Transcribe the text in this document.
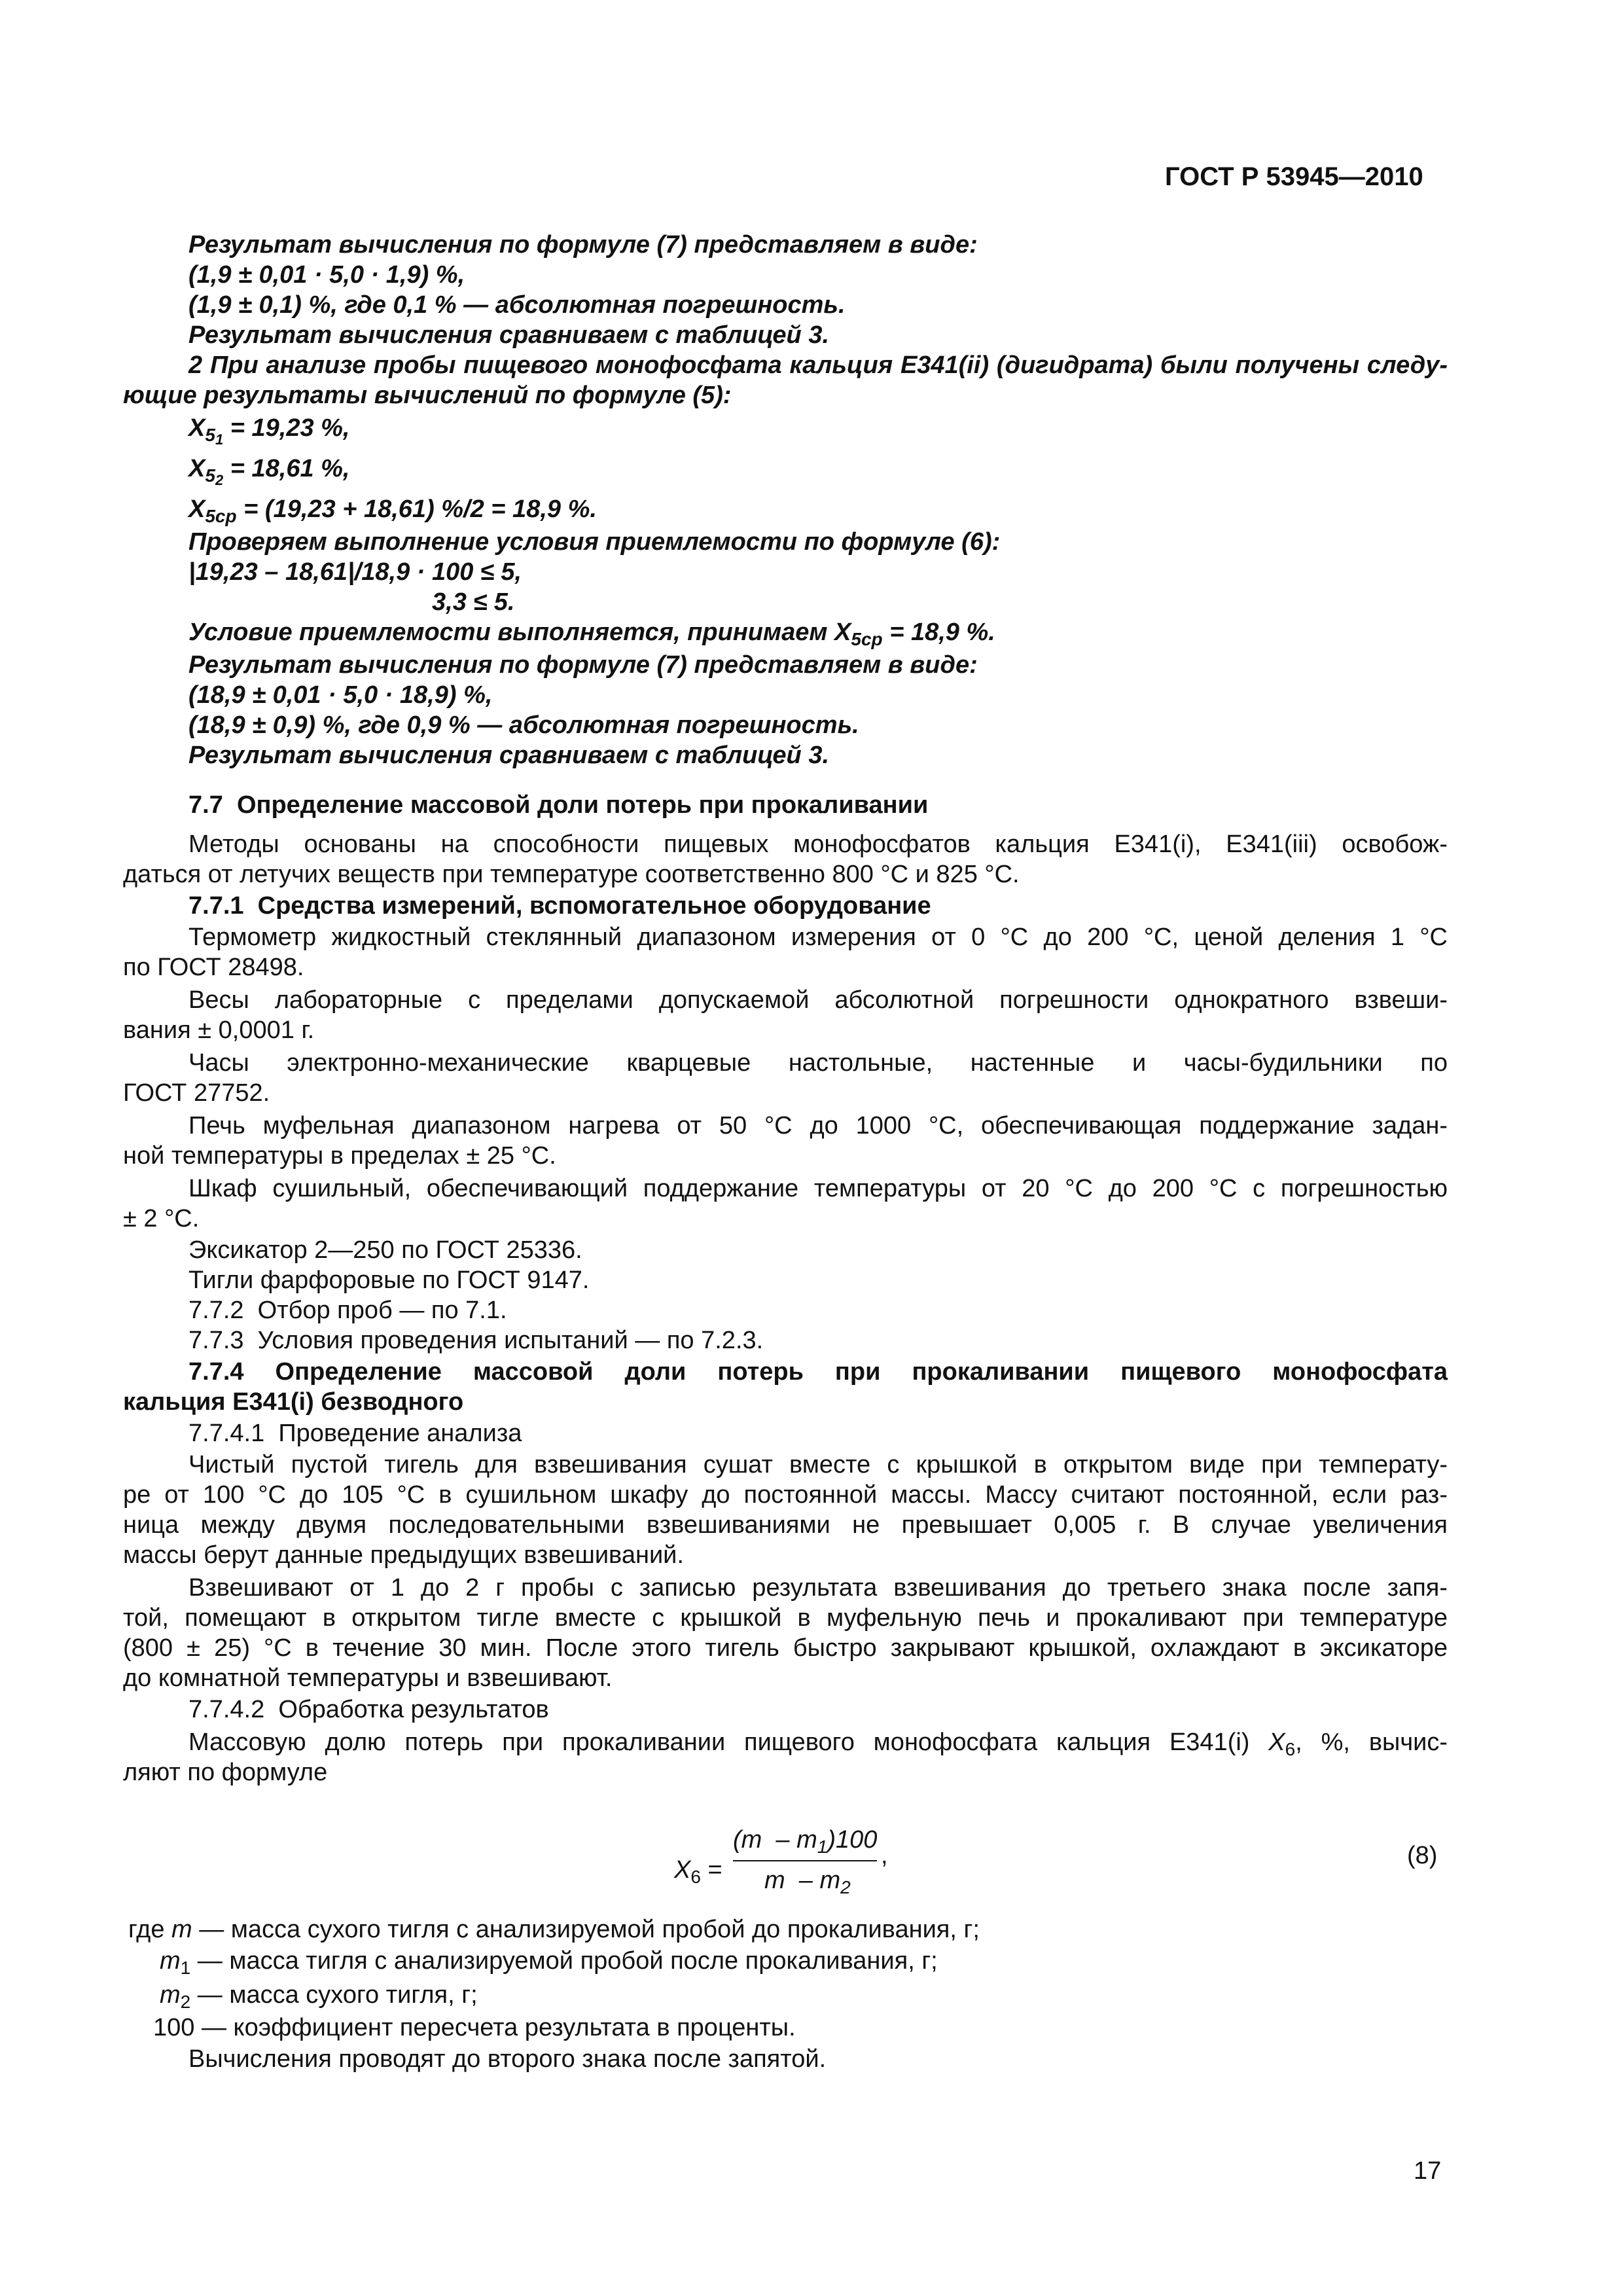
ГОСТ Р 53945—2010
Результат вычисления по формуле (7) представляем в виде:
(1,9 ± 0,01 · 5,0 · 1,9) %,
(1,9 ± 0,1) %, где 0,1 % — абсолютная погрешность.
Результат вычисления сравниваем с таблицей 3.
2 При анализе пробы пищевого монофосфата кальция Е341(ii) (дигидрата) были получены следу-
ющие результаты вычислений по формуле (5):
$X_{5_1} = 19,23$ %,
$X_{5_2} = 18,61$ %,
$X_{5ср} = (19,23 + 18,61) \%/2 = 18,9$ %.
Проверяем выполнение условия приемлемости по формуле (6):
|19,23 – 18,61|/18,9 · 100 ≤ 5,
3,3 ≤ 5.
Условие приемлемости выполняется, принимаем $X_{5ср} = 18,9$ %.
Результат вычисления по формуле (7) представляем в виде:
(18,9 ± 0,01 · 5,0 · 18,9) %,
(18,9 ± 0,9) %, где 0,9 % — абсолютная погрешность.
Результат вычисления сравниваем с таблицей 3.
7.7  Определение массовой доли потерь при прокаливании
Методы основаны на способности пищевых монофосфатов кальция Е341(i), Е341(iii) освобож-
даться от летучих веществ при температуре соответственно 800 °С и 825 °С.
7.7.1  Средства измерений, вспомогательное оборудование
Термометр жидкостный стеклянный диапазоном измерения от 0 °С до 200 °С, ценой деления 1 °С
по ГОСТ 28498.
Весы лабораторные с пределами допускаемой абсолютной погрешности однократного взвеши-
вания ± 0,0001 г.
Часы электронно-механические кварцевые настольные, настенные и часы-будильники по
ГОСТ 27752.
Печь муфельная диапазоном нагрева от 50 °С до 1000 °С, обеспечивающая поддержание задан-
ной температуры в пределах ± 25 °С.
Шкаф сушильный, обеспечивающий поддержание температуры от 20 °С до 200 °С с погрешностью
± 2 °С.
Эксикатор 2—250 по ГОСТ 25336.
Тигли фарфоровые по ГОСТ 9147.
7.7.2  Отбор проб — по 7.1.
7.7.3  Условия проведения испытаний — по 7.2.3.
7.7.4 Определение массовой доли потерь при прокаливании пищевого монофосфата
кальция Е341(i) безводного
7.7.4.1  Проведение анализа
Чистый пустой тигель для взвешивания сушат вместе с крышкой в открытом виде при температу-
ре от 100 °С до 105 °С в сушильном шкафу до постоянной массы. Массу считают постоянной, если раз-
ница между двумя последовательными взвешиваниями не превышает 0,005 г. В случае увеличения
массы берут данные предыдущих взвешиваний.
Взвешивают от 1 до 2 г пробы с записью результата взвешивания до третьего знака после запя-
той, помещают в открытом тигле вместе с крышкой в муфельную печь и прокаливают при температуре
(800 ± 25) °С в течение 30 мин. После этого тигель быстро закрывают крышкой, охлаждают в эксикаторе
до комнатной температуры и взвешивают.
7.7.4.2  Обработка результатов
Массовую долю потерь при прокаливании пищевого монофосфата кальция Е341(i) $X_6$, %, вычис-
ляют по формуле
$X_6$ =
$(m - m_1)100$
m  – $m_2$
,	(8)
где m — масса сухого тигля с анализируемой пробой до прокаливания, г;
$m_1$ — масса тигля с анализируемой пробой после прокаливания, г;
$m_2$ — масса сухого тигля, г;
100 — коэффициент пересчета результата в проценты.
Вычисления проводят до второго знака после запятой.
17
